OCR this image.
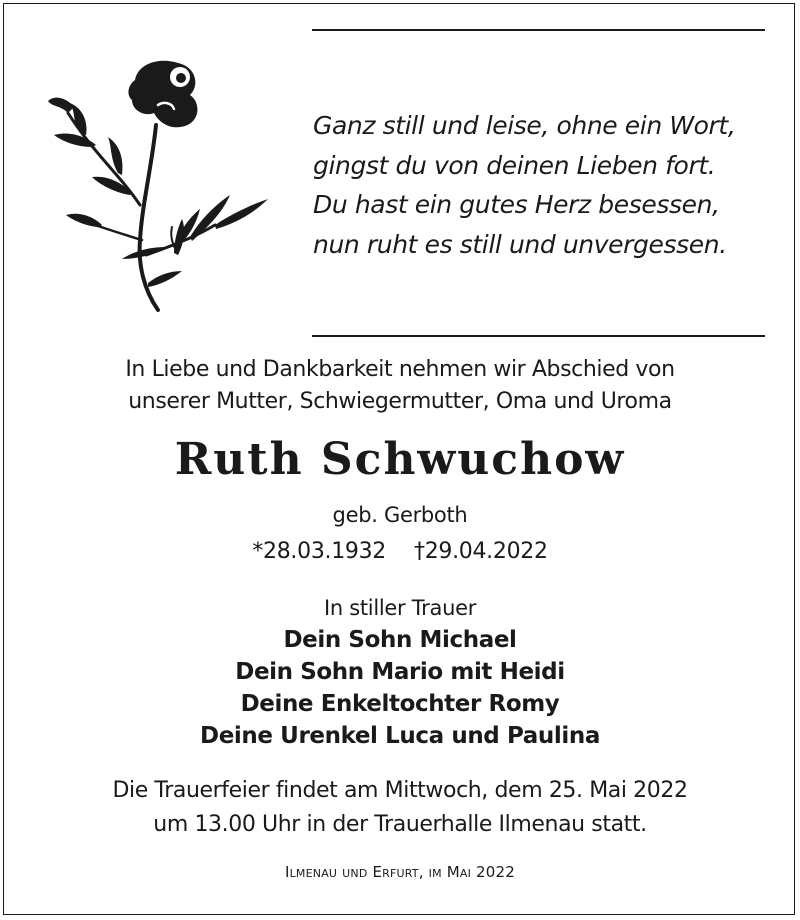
Ganz still und leise, ohne ein Wort,
gingst du von deinen Lieben fort.
Du hast ein gutes Herz besessen,
nun ruht es still und unvergessen.
In Liebe und Dankbarkeit nehmen wir Abschied von
unserer Mutter, Schwiegermutter, Oma und Uroma
Ruth Schwuchow
geb. Gerboth
*28.03.1932 †29.04.2022
In stiller Trauer
Dein Sohn Michael
Dein Sohn Mario mit Heidi
Deine Enkeltochter Romy
Deine Urenkel Luca und Paulina
Die Trauerfeier findet am Mittwoch, dem 25. Mai 2022
um 13.00 Uhr in der Trauerhalle Ilmenau statt.
Ilmenau und Erfurt, im Mai 2022
